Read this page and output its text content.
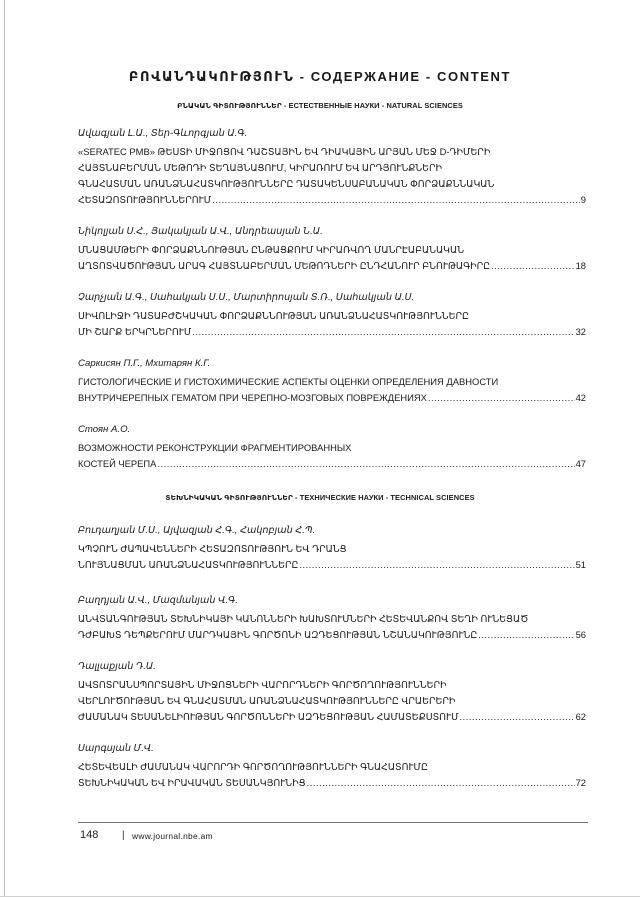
ԲՈՎԱՆԴԱԿՈՒԹՅՈՒՆ - СОДЕРЖАНИЕ - CONTENT
ԲՆԱԿԱՆ ԳԻՏՈՒԹՅՈՒՆՆԵՐ - ЕСТЕСТВЕННЫЕ НАУКИ - NATURAL SCIENCES
Ավագյան Լ.Ա., Տեր-Գևորգյան Ա.Գ.
«SERATEC PMB» ԹԵՍՏԻ ՄԻՋՈՑՈՎ ԴԱՇՏԱՅԻՆ ԵՎ ԴԻԱԿԱՅԻՆ ԱՐՅԱՆ ՄԵՋ D-ԴԻՄԵՐԻ
ՀԱՅՏՆԱԲԵՐՄԱՆ ՄԵԹՈԴԻ ՏԵՂԱՅՆԱՑՈՒՄ, ԿԻՐԱՌՈՒՄ ԵՎ ԱՐԴՅՈՒՆՔՆԵՐԻ
ԳՆԱՀԱՏՄԱՆ ԱՌԱՆՁՆԱՀԱՏԿՈՒԹՅՈՒՆՆԵՐԸ ԴԱՏԱԿԵՆՍԱԲԱՆԱԿԱՆ ՓՈՐՁԱՔՆՆԱԿԱՆ
ՀԵՏԱԶՈՏՈՒԹՅՈՒՆՆԵՐՈՒՄ .....	9
Նիկոլյան Ս.Հ., Յակակյան Ա.Վ., Անդրեասյան Ն.Ա.
ՄՆԱՑԱՄԹԵՐԻ ՓՈՐՁԱՔՆՆՈՒԹՅԱՆ ԸՆԹԱՑՔՈՒՄ ԿԻՐԱՌՎՈՂ ՄԱՆՐԷԱԲԱՆԱԿԱՆ
ԱՂՏՈՏՎԱԾՈՒԹՅԱՆ ԱՐԱԳ ՀԱՅՏՆԱԲԵՐՄԱՆ ՄԵԹՈԴՆԵՐԻ ԸՆԴՀԱՆՈՒՐ ԲՆՈՒԹԱԳԻՐԸ .....	18
Չարչյան Ա.Գ., Սահակյան Ս.Ս., Մարտիրոսյան Տ.Ռ., Սահակյան Ա.Ս.
ՍԻՎՈԼԻՋԻ ԴԱՏԱԲԺՇԿԱԿԱՆ ՓՈՐՁԱՔՆՆՈՒԹՅԱՆ ԱՌԱՆՁՆԱՀԱՏԿՈՒԹՅՈՒՆՆԵՐԸ
ՄԻ ՇԱՐՔ ԵՐԿՐՆԵՐՈՒՄ .....	32
Саркисян П.Г., Мхитарян К.Г.
ГИСТОЛОГИЧЕСКИЕ И ГИСТОХИМИЧЕСКИЕ АСПЕКТЫ ОЦЕНКИ ОПРЕДЕЛЕНИЯ ДАВНОСТИ
ВНУТРИЧЕРЕПНЫХ ГЕМАТОМ ПРИ ЧЕРЕПНО-МОЗГОВЫХ ПОВРЕЖДЕНИЯХ .....	42
Стоян А.О.
ВОЗМОЖНОСТИ РЕКОНСТРУКЦИИ ФРАГМЕНТИРОВАННЫХ
КОСТЕЙ ЧЕРЕПА .....	47
ՏԵԽՆԻԿԱԿԱՆ ԳԻՏՈՒԹՅՈՒՆՆԵՐ - ТЕХНИЧЕСКИЕ НАУКИ - TECHNICAL SCIENCES
Բուդաղյան Մ.Ս., Այվազյան Հ.Գ., Հակոբյան Հ.Պ.
ԿՊՉՈՒՆ ԺԱՊԱՎԵՆՆԵՐԻ ՀԵՏԱԶՈՏՈՒԹՅՈՒՆ ԵՎ ԴՐԱՆՑ
ՆՈՒՅՆԱՑՄԱՆ ԱՌԱՆՁՆԱՀԱՏԿՈՒԹՅՈՒՆՆԵՐԸ .....	51
Բաղդյան Ա.Վ., Մազմանյան Վ.Գ.
ԱՆՎՏԱՆԳՈՒԹՅԱՆ ՏԵԽՆԻԿԱՅԻ ԿԱՆՈՆՆԵՐԻ ԽԱԽՏՈՒՄՆԵՐԻ ՀԵՏԵՎԱՆՔՈՎ ՏԵՂԻ ՈՒՆԵՑԱԾ
ԴԺԲԱԽՏ ԴԵՊՔԵՐՈՒՄ ՄԱՐԴԿԱՅԻՆ ԳՈՐԾՈՆԻ ԱԶԴԵՑՈՒԹՅԱՆ ՆՇԱՆԱԿՈՒԹՅՈՒՆԸ .....	56
Դալլաքյան Դ.Ա.
ԱՎՏՈՏՐԱՆՍՊՈՐՏԱՅԻՆ ՄԻՋՈՑՆԵՐԻ ՎԱՐՈՐԴՆԵՐԻ ԳՈՐԾՈՂՈՒԹՅՈՒՆՆԵՐԻ
ՎԵՐԼՈՒԾՈՒԹՅԱՆ ԵՎ ԳՆԱՀԱՏՄԱՆ ԱՌԱՆՁՆԱՀԱՏԿՈՒԹՅՈՒՆՆԵՐԸ ՎՐԱԵՐԵՐԻ
ԺԱՄԱՆԱԿ ՏԵՍԱՆԵԼԻՈՒԹՅԱՆ ԳՈՐԾՈՆՆԵՐԻ ԱԶԴԵՑՈՒԹՅԱՆ ՀԱՄԱՏԵՔՍՏՈՒՄ .....	62
Սարգսյան Մ.Վ.
ՀԵՏԵՎԵԱԼԻ ԺԱՄԱՆԱԿ ՎԱՐՈՐԴԻ ԳՈՐԾՈՂՈՒԹՅՈՒՆՆԵՐԻ ԳՆԱՀԱՏՈՒՄԸ
ՏԵԽՆԻԿԱԿԱՆ ԵՎ ԻՐԱՎԱԿԱՆ ՏԵՍԱՆԿՅՈՒՆԻՑ .....	72
148 | www.journal.nbe.am
